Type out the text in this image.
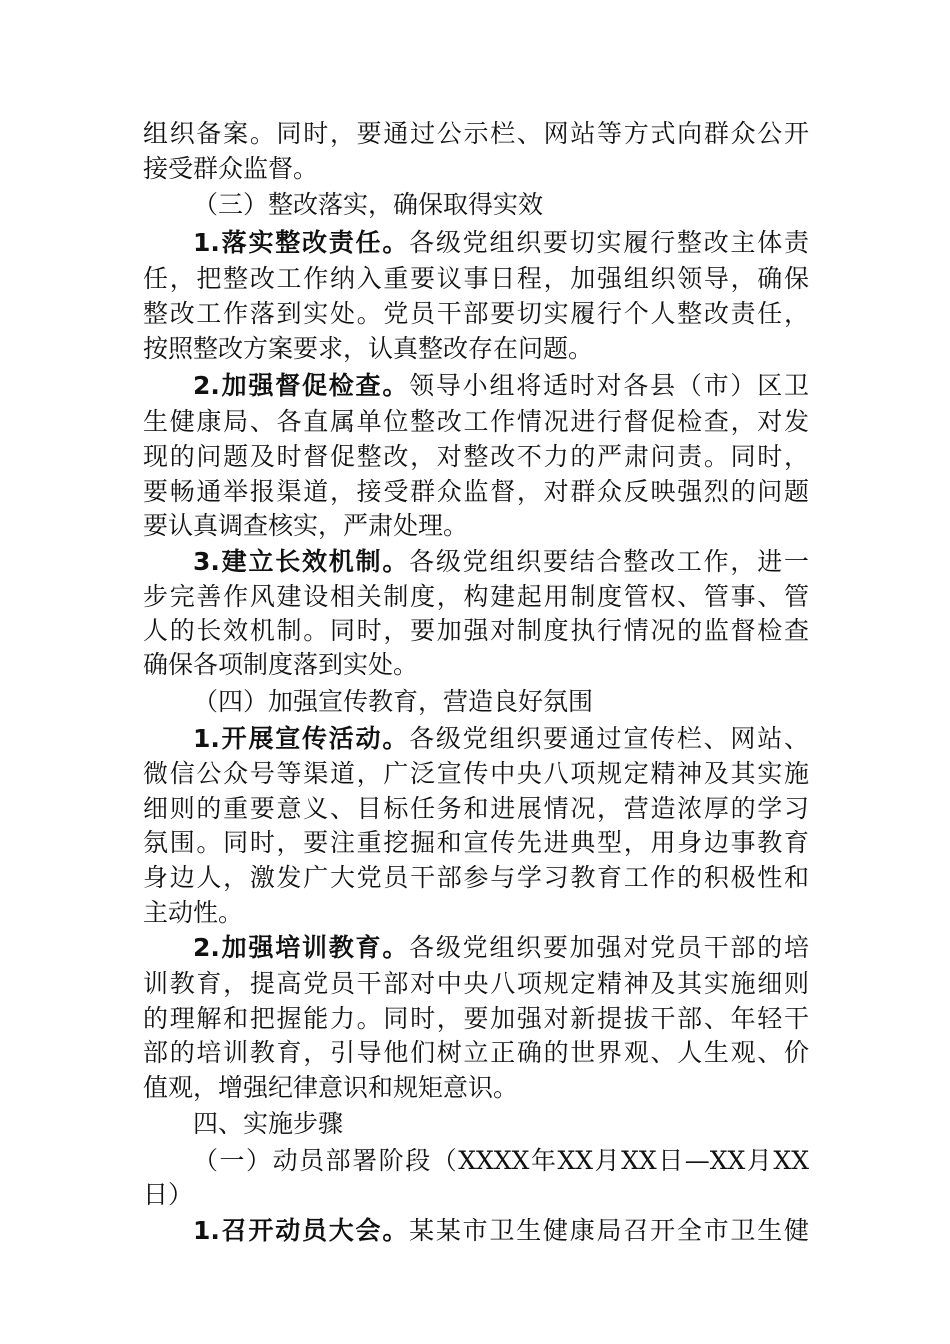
组织备案。同时，要通过公示栏、网站等方式向群众公开
接受群众监督。
（三）整改落实，确保取得实效
1.落实整改责任。各级党组织要切实履行整改主体责
任，把整改工作纳入重要议事日程，加强组织领导，确保
整改工作落到实处。党员干部要切实履行个人整改责任，
按照整改方案要求，认真整改存在问题。
2.加强督促检查。领导小组将适时对各县（市）区卫
生健康局、各直属单位整改工作情况进行督促检查，对发
现的问题及时督促整改，对整改不力的严肃问责。同时，
要畅通举报渠道，接受群众监督，对群众反映强烈的问题
要认真调查核实，严肃处理。
3.建立长效机制。各级党组织要结合整改工作，进一
步完善作风建设相关制度，构建起用制度管权、管事、管
人的长效机制。同时，要加强对制度执行情况的监督检查
确保各项制度落到实处。
（四）加强宣传教育，营造良好氛围
1.开展宣传活动。各级党组织要通过宣传栏、网站、
微信公众号等渠道，广泛宣传中央八项规定精神及其实施
细则的重要意义、目标任务和进展情况，营造浓厚的学习
氛围。同时，要注重挖掘和宣传先进典型，用身边事教育
身边人，激发广大党员干部参与学习教育工作的积极性和
主动性。
2.加强培训教育。各级党组织要加强对党员干部的培
训教育，提高党员干部对中央八项规定精神及其实施细则
的理解和把握能力。同时，要加强对新提拔干部、年轻干
部的培训教育，引导他们树立正确的世界观、人生观、价
值观，增强纪律意识和规矩意识。
四、实施步骤
（一）动员部署阶段（XXXX年XX月XX日—XX月XX
日）
1.召开动员大会。某某市卫生健康局召开全市卫生健
